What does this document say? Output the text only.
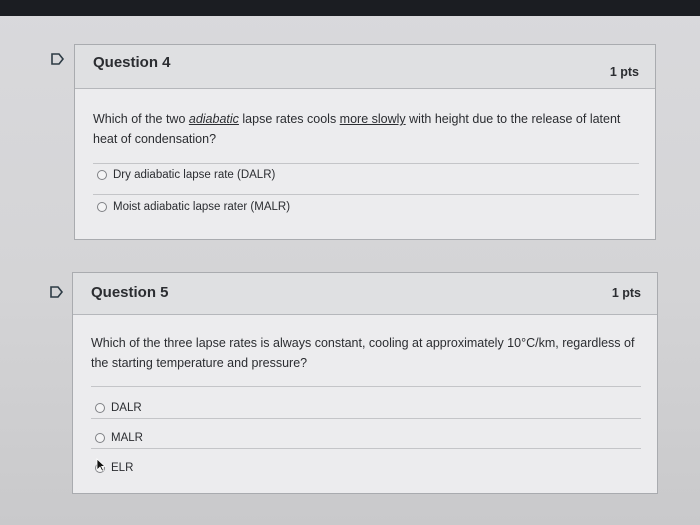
Question 4
1 pts
Which of the two adiabatic lapse rates cools more slowly with height due to the release of latent heat of condensation?
Dry adiabatic lapse rate (DALR)
Moist adiabatic lapse rater (MALR)
Question 5	1 pts
Which of the three lapse rates is always constant, cooling at approximately 10°C/km, regardless of the starting temperature and pressure?
DALR
MALR
ELR
